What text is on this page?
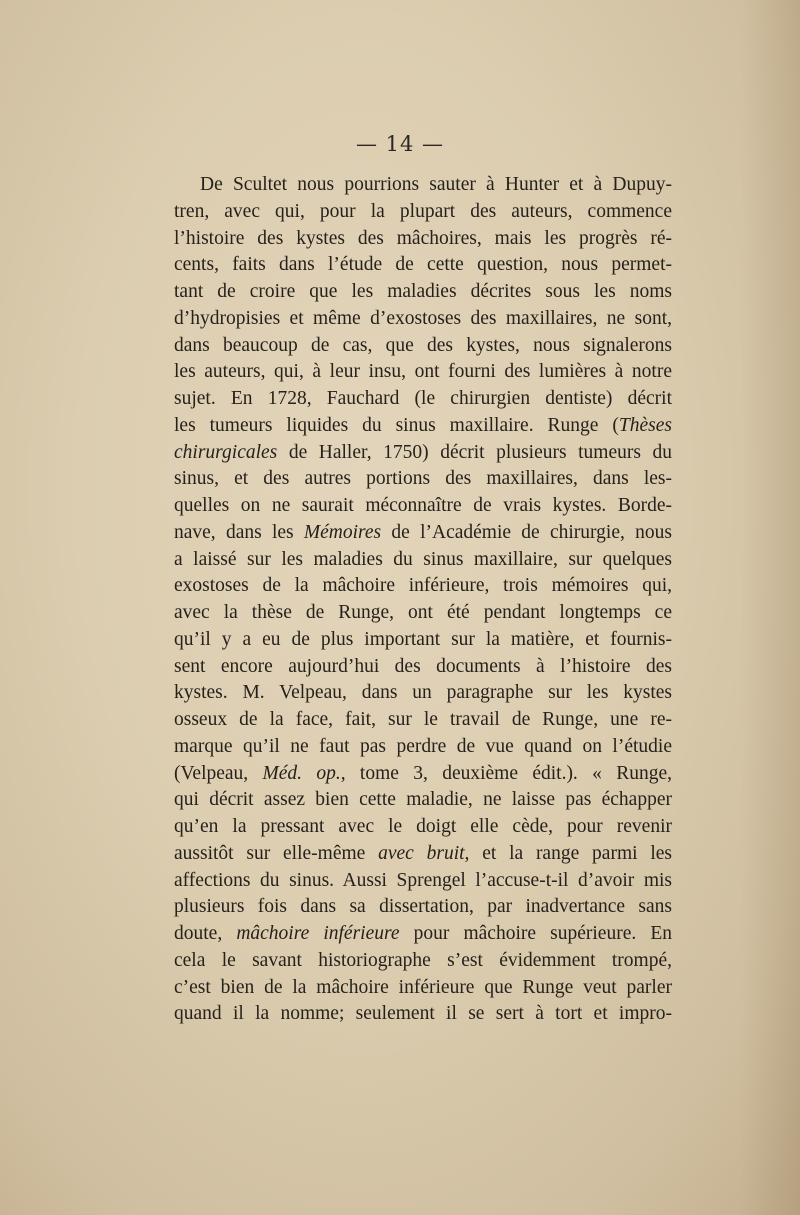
— 14 —
De Scultet nous pourrions sauter à Hunter et à Dupuy-
tren, avec qui, pour la plupart des auteurs, commence
l’histoire des kystes des mâchoires, mais les progrès ré-
cents, faits dans l’étude de cette question, nous permet-
tant de croire que les maladies décrites sous les noms
d’hydropisies et même d’exostoses des maxillaires, ne sont,
dans beaucoup de cas, que des kystes, nous signalerons
les auteurs, qui, à leur insu, ont fourni des lumières à notre
sujet. En 1728, Fauchard (le chirurgien dentiste) décrit
les tumeurs liquides du sinus maxillaire. Runge (Thèses
chirurgicales de Haller, 1750) décrit plusieurs tumeurs du
sinus, et des autres portions des maxillaires, dans les-
quelles on ne saurait méconnaître de vrais kystes. Borde-
nave, dans les Mémoires de l’Académie de chirurgie, nous
a laissé sur les maladies du sinus maxillaire, sur quelques
exostoses de la mâchoire inférieure, trois mémoires qui,
avec la thèse de Runge, ont été pendant longtemps ce
qu’il y a eu de plus important sur la matière, et fournis-
sent encore aujourd’hui des documents à l’histoire des
kystes. M. Velpeau, dans un paragraphe sur les kystes
osseux de la face, fait, sur le travail de Runge, une re-
marque qu’il ne faut pas perdre de vue quand on l’étudie
(Velpeau, Méd. op., tome 3, deuxième édit.). « Runge,
qui décrit assez bien cette maladie, ne laisse pas échapper
qu’en la pressant avec le doigt elle cède, pour revenir
aussitôt sur elle-même avec bruit, et la range parmi les
affections du sinus. Aussi Sprengel l’accuse-t-il d’avoir mis
plusieurs fois dans sa dissertation, par inadvertance sans
doute, mâchoire inférieure pour mâchoire supérieure. En
cela le savant historiographe s’est évidemment trompé,
c’est bien de la mâchoire inférieure que Runge veut parler
quand il la nomme; seulement il se sert à tort et impro-
